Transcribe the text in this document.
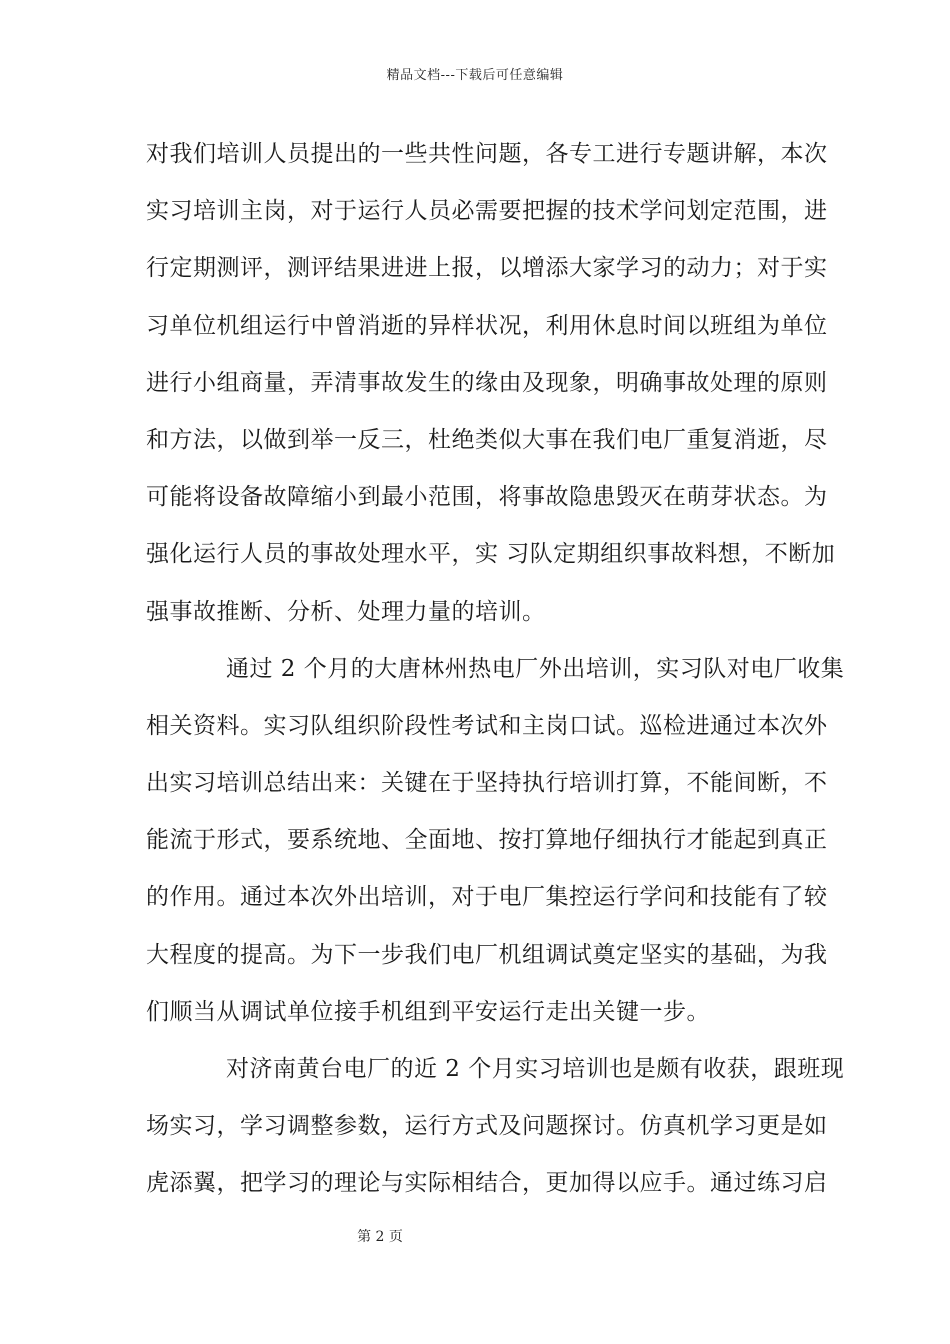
精品文档---下载后可任意编辑
对我们培训人员提出的一些共性问题，各专工进行专题讲解，本次
实习培训主岗，对于运行人员必需要把握的技术学问划定范围，进
行定期测评，测评结果进进上报，以增添大家学习的动力；对于实
习单位机组运行中曾消逝的异样状况，利用休息时间以班组为单位
进行小组商量，弄清事故发生的缘由及现象，明确事故处理的原则
和方法，以做到举一反三，杜绝类似大事在我们电厂重复消逝，尽
可能将设备故障缩小到最小范围，将事故隐患毁灭在萌芽状态。为
强化运行人员的事故处理水平，实 习队定期组织事故料想，不断加
强事故推断、分析、处理力量的培训。
通过 2 个月的大唐林州热电厂外出培训，实习队对电厂收集
相关资料。实习队组织阶段性考试和主岗口试。巡检进通过本次外
出实习培训总结出来：关键在于坚持执行培训打算，不能间断，不
能流于形式，要系统地、全面地、按打算地仔细执行才能起到真正
的作用。通过本次外出培训，对于电厂集控运行学问和技能有了较
大程度的提高。为下一步我们电厂机组调试奠定坚实的基础，为我
们顺当从调试单位接手机组到平安运行走出关键一步。
对济南黄台电厂的近 2 个月实习培训也是颇有收获，跟班现
场实习，学习调整参数，运行方式及问题探讨。仿真机学习更是如
虎添翼，把学习的理论与实际相结合，更加得以应手。通过练习启
第 2 页
